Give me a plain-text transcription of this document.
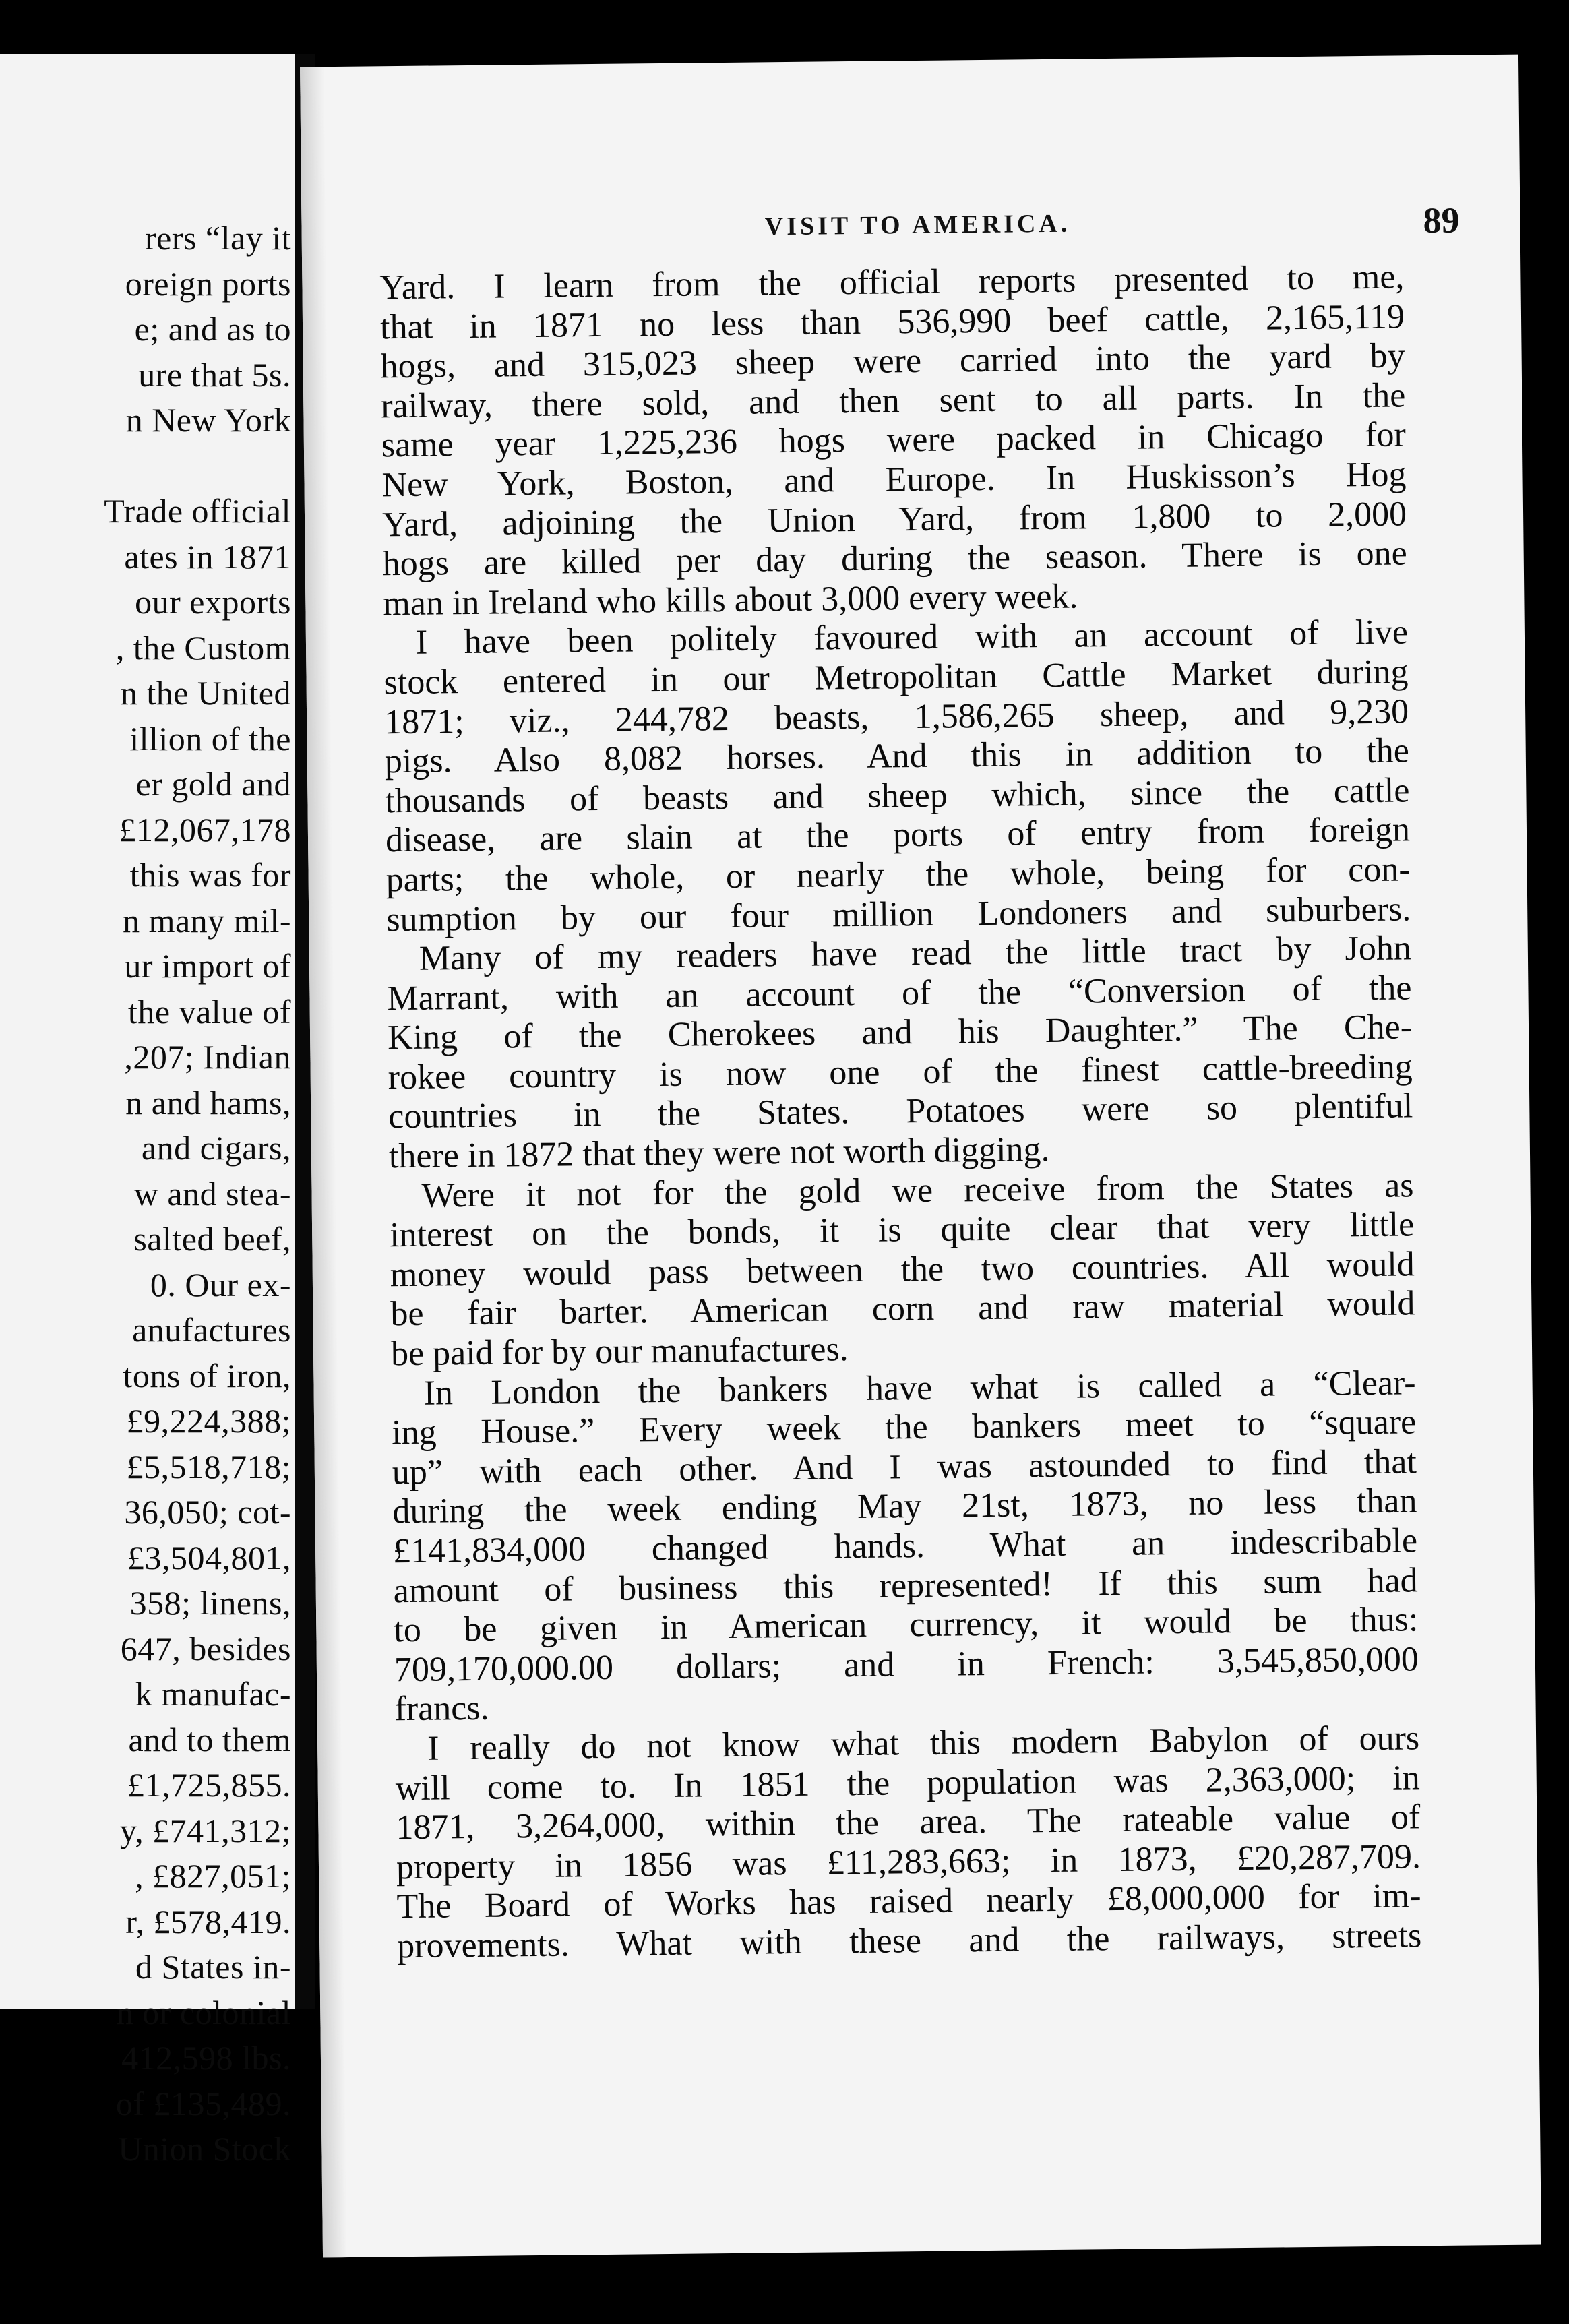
rers “lay it
oreign ports
e; and as to
ure that 5s.
n New York
Trade official
ates in 1871
our exports
, the Custom
n the United
illion of the
er gold and
£12,067,178
this was for
n many mil-
ur import of
the value of
,207; Indian
n and hams,
and cigars,
w and stea-
salted beef,
0. Our ex-
anufactures
tons of iron,
£9,224,388;
£5,518,718;
36,050; cot-
£3,504,801,
358; linens,
647, besides
k manufac-
and to them
£1,725,855.
y, £741,312;
, £827,051;
r, £578,419.
d States in-
n or colonial
412,598 lbs.
of £135,489.
Union Stock
VISIT TO AMERICA.	89
Yard. I learn from the official reports presented to me,
that in 1871 no less than 536,990 beef cattle, 2,165,119
hogs, and 315,023 sheep were carried into the yard by
railway, there sold, and then sent to all parts. In the
same year 1,225,236 hogs were packed in Chicago for
New York, Boston, and Europe. In Huskisson’s Hog
Yard, adjoining the Union Yard, from 1,800 to 2,000
hogs are killed per day during the season. There is one
man in Ireland who kills about 3,000 every week.
I have been politely favoured with an account of live
stock entered in our Metropolitan Cattle Market during
1871; viz., 244,782 beasts, 1,586,265 sheep, and 9,230
pigs. Also 8,082 horses. And this in addition to the
thousands of beasts and sheep which, since the cattle
disease, are slain at the ports of entry from foreign
parts; the whole, or nearly the whole, being for con-
sumption by our four million Londoners and suburbers.
Many of my readers have read the little tract by John
Marrant, with an account of the “Conversion of the
King of the Cherokees and his Daughter.” The Che-
rokee country is now one of the finest cattle-breeding
countries in the States. Potatoes were so plentiful
there in 1872 that they were not worth digging.
Were it not for the gold we receive from the States as
interest on the bonds, it is quite clear that very little
money would pass between the two countries. All would
be fair barter. American corn and raw material would
be paid for by our manufactures.
In London the bankers have what is called a “Clear-
ing House.” Every week the bankers meet to “square
up” with each other. And I was astounded to find that
during the week ending May 21st, 1873, no less than
£141,834,000 changed hands. What an indescribable
amount of business this represented! If this sum had
to be given in American currency, it would be thus:
709,170,000.00 dollars; and in French: 3,545,850,000
francs.
I really do not know what this modern Babylon of ours
will come to. In 1851 the population was 2,363,000; in
1871, 3,264,000, within the area. The rateable value of
property in 1856 was £11,283,663; in 1873, £20,287,709.
The Board of Works has raised nearly £8,000,000 for im-
provements. What with these and the railways, streets
